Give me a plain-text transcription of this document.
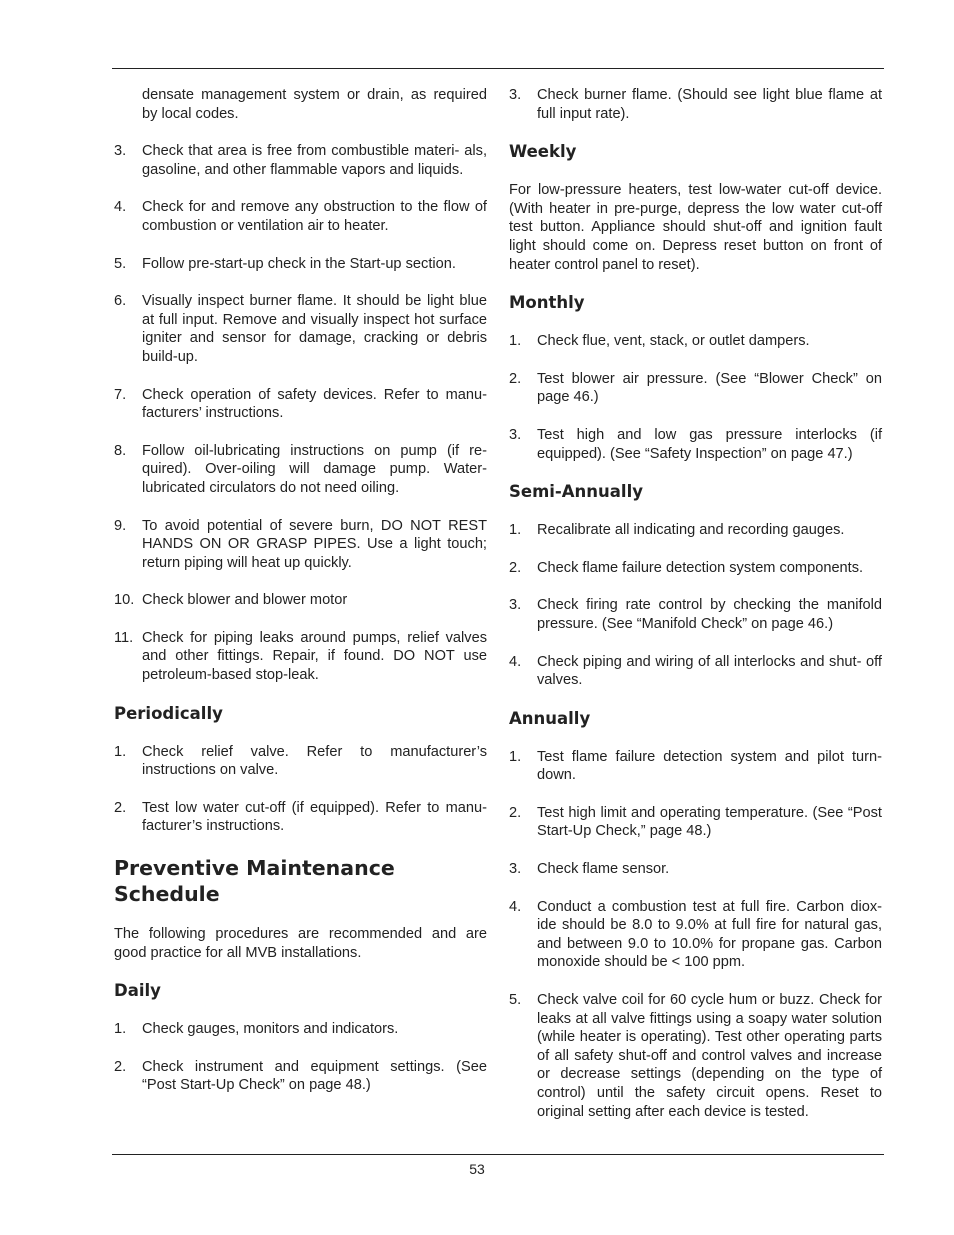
densate management system or drain, as required by local codes.

3. Check that area is free from combustible materi- als, gasoline, and other flammable vapors and liquids.
4. Check for and remove any obstruction to the flow of combustion or ventilation air to heater.
5. Follow pre-start-up check in the Start-up section.
6. Visually inspect burner flame. It should be light blue at full input. Remove and visually inspect hot surface igniter and sensor for damage, cracking or debris build-up.
7. Check operation of safety devices. Refer to manu- facturers’ instructions.
8. Follow oil-lubricating instructions on pump (if re- quired). Over-oiling will damage pump. Water-lubricated circulators do not need oiling.
9. To avoid potential of severe burn, DO NOT REST HANDS ON OR GRASP PIPES. Use a light touch; return piping will heat up quickly.
10. Check blower and blower motor
11. Check for piping leaks around pumps, relief valves and other fittings. Repair, if found. DO NOT use petroleum-based stop-leak.
Periodically
1. Check relief valve. Refer to manufacturer’s instructions on valve.
2. Test low water cut-off (if equipped). Refer to manu- facturer’s instructions.
Preventive Maintenance Schedule

The following procedures are recommended and are good practice for all MVB installations.

Daily
1. Check gauges, monitors and indicators.
2. Check instrument and equipment settings. (See “Post Start-Up Check” on page 48.)
3. Check burner flame. (Should see light blue flame at full input rate).
Weekly

For low-pressure heaters, test low-water cut-off device. (With heater in pre-purge, depress the low water cut-off test button. Appliance should shut-off and ignition fault light should come on. Depress reset button on front of heater control panel to reset).

Monthly
1. Check flue, vent, stack, or outlet dampers.
2. Test blower air pressure. (See “Blower Check” on page 46.)
3. Test high and low gas pressure interlocks (if equipped). (See “Safety Inspection” on page 47.)
Semi-Annually
1. Recalibrate all indicating and recording gauges.
2. Check flame failure detection system components.
3. Check firing rate control by checking the manifold pressure. (See “Manifold Check” on page 46.)
4. Check piping and wiring of all interlocks and shut- off valves.
Annually
1. Test flame failure detection system and pilot turn- down.
2. Test high limit and operating temperature. (See “Post Start-Up Check,” page 48.)
3. Check flame sensor.
4. Conduct a combustion test at full fire. Carbon diox- ide should be 8.0 to 9.0% at full fire for natural gas, and between 9.0 to 10.0% for propane gas. Carbon monoxide should be < 100 ppm.
5. Check valve coil for 60 cycle hum or buzz. Check for leaks at all valve fittings using a soapy water solution (while heater is operating). Test other operating parts of all safety shut-off and control valves and increase or decrease settings (depending on the type of control) until the safety circuit opens. Reset to original setting after each device is tested.
53
